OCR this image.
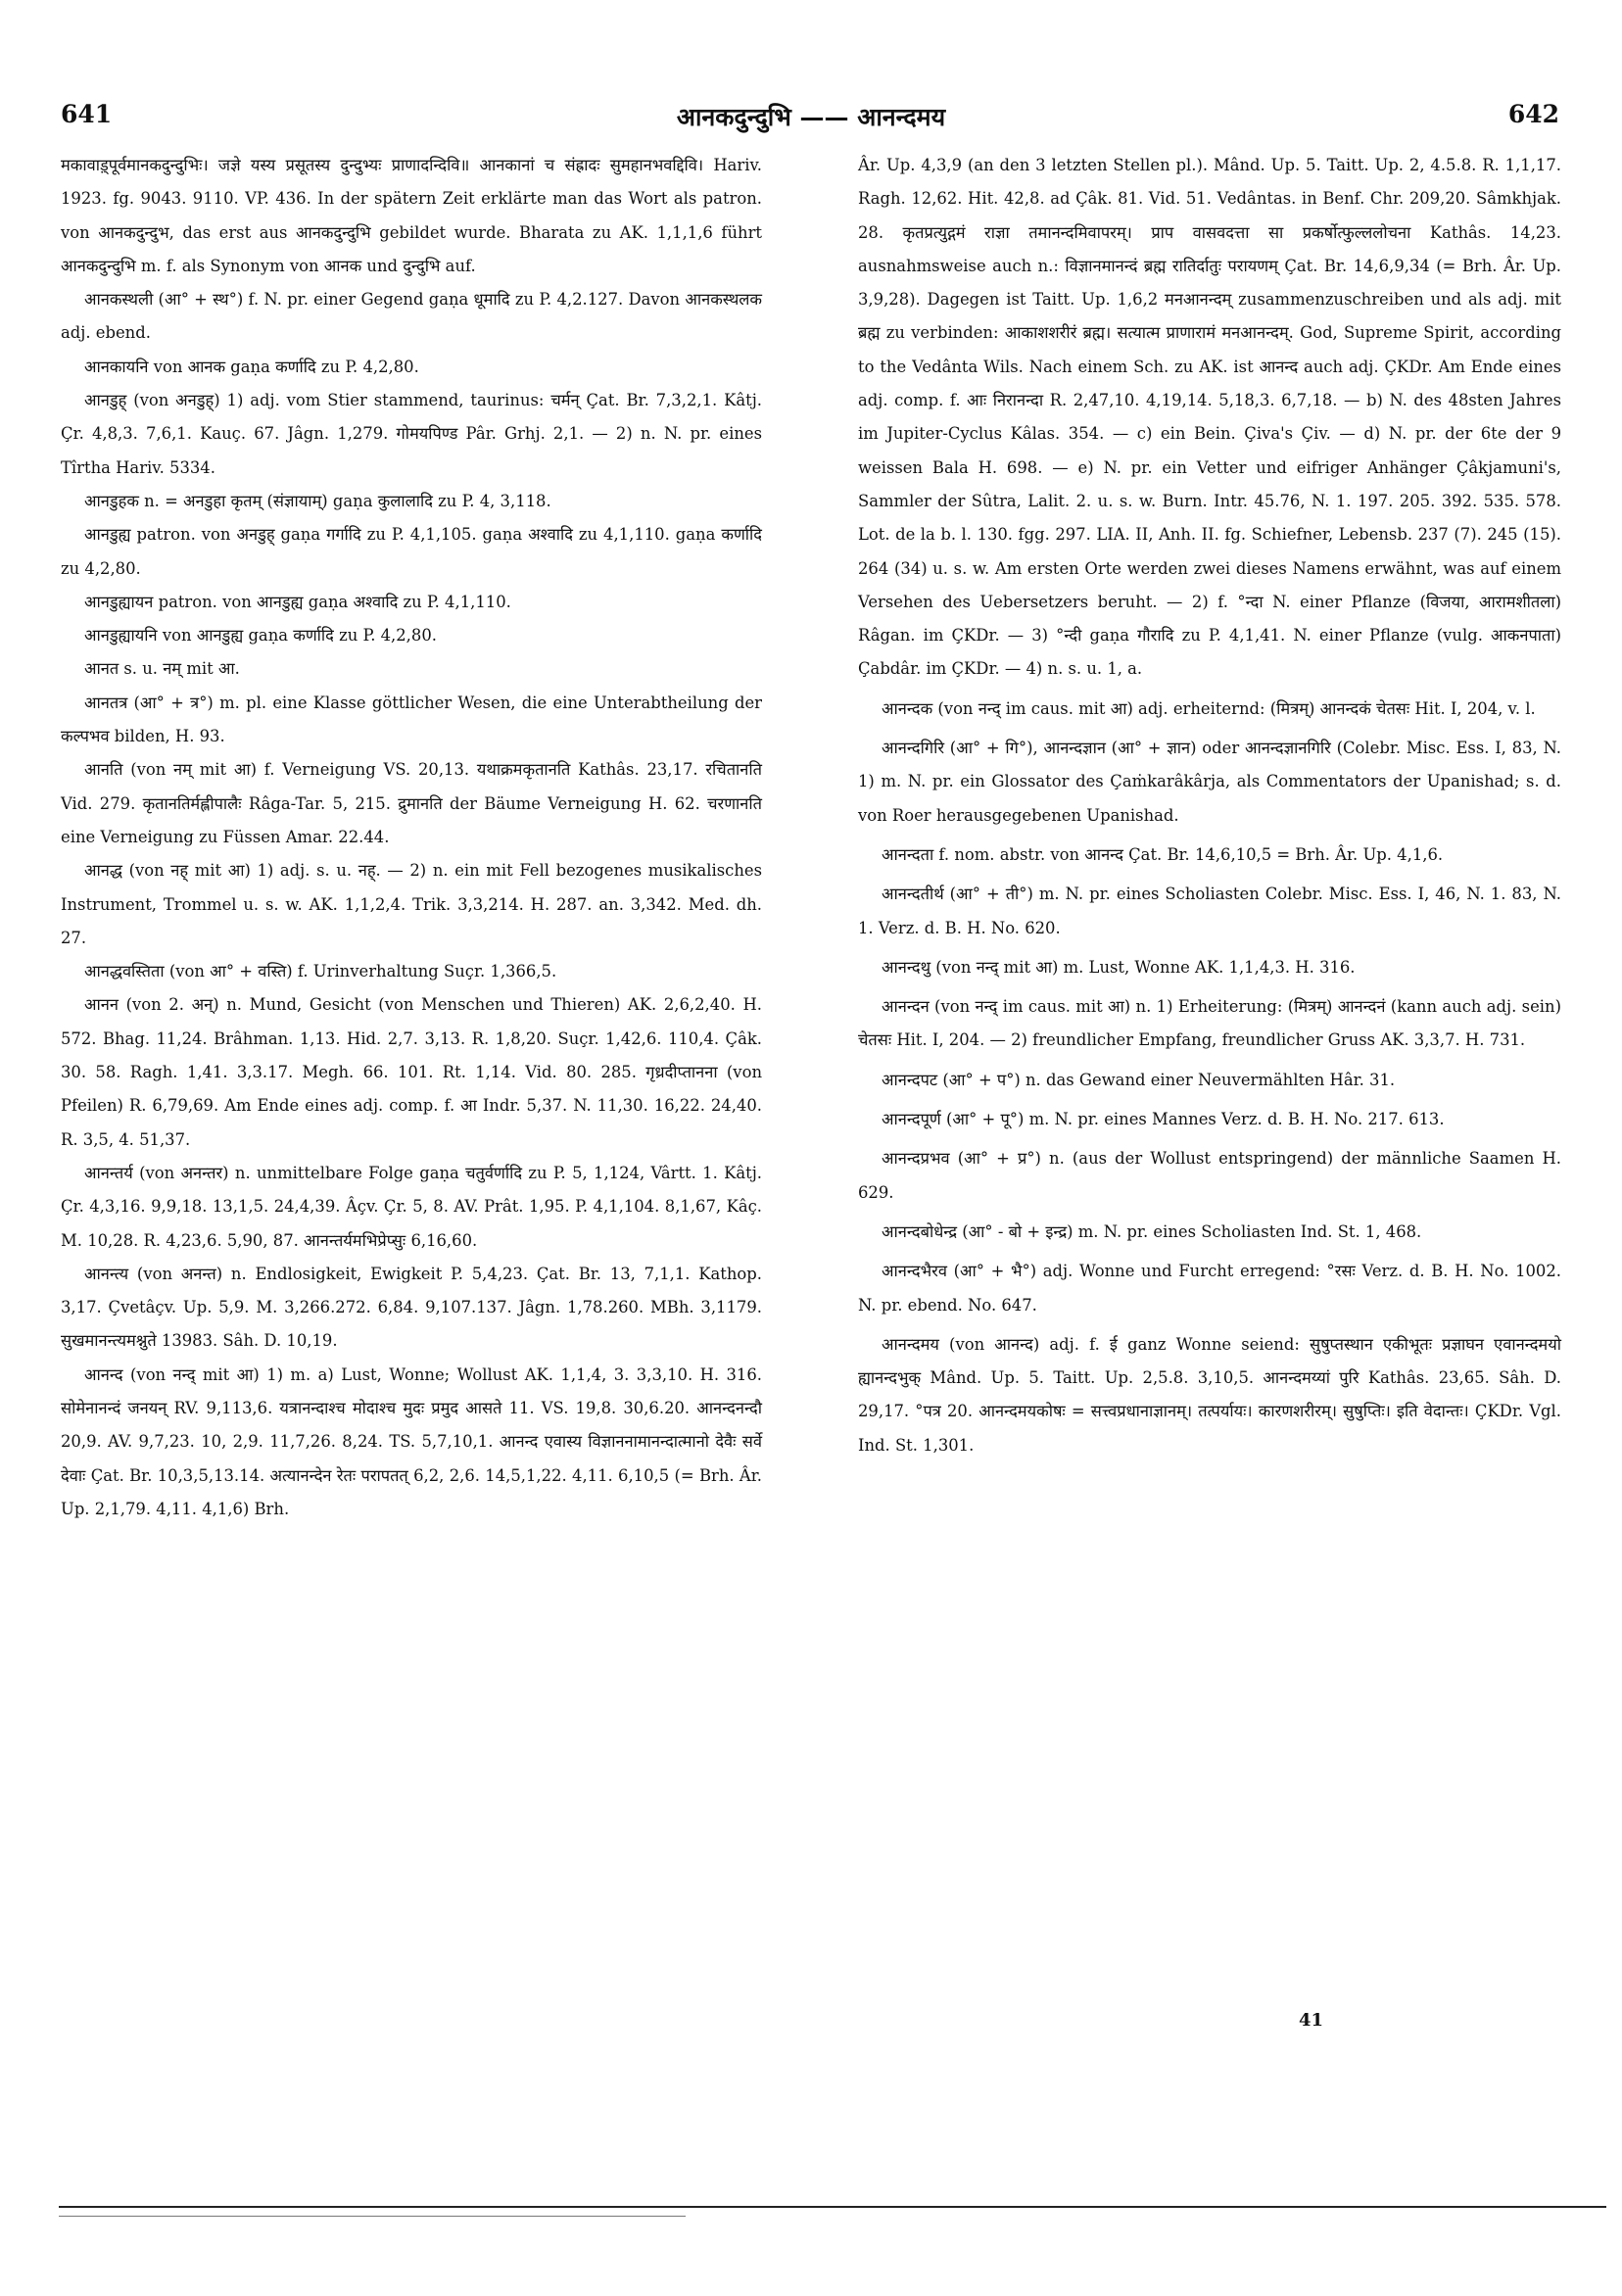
641	आनकदुन्दुभि —— आनन्दमय	642

मकावाड़्पूर्वमानकदुन्दुभिः। जज्ञे यस्य प्रसूतस्य दुन्दुभ्यः प्राणादन्दिवि॥ आनकानां च संह्रादः सुमहानभवद्दिवि। Hariv. 1923. fg. 9043. 9110. VP. 436. In der spätern Zeit erklärte man das Wort als patron. von आनकदुन्दुभ, das erst aus आनकदुन्दुभि gebildet wurde. Bharata zu AK. 1,1,1,6 führt आनकदुन्दुभि m. f. als Synonym von आनक und दुन्दुभि auf.

आनकस्थली (आ° + स्थ°) f. N. pr. einer Gegend gaṇa धूमादि zu P. 4,2.127. Davon आनकस्थलक adj. ebend.

आनकायनि von आनक gaṇa कर्णादि zu P. 4,2,80.

आनडुह् (von अनडुह्) 1) adj. vom Stier stammend, taurinus: चर्मन् Çat. Br. 7,3,2,1. Kâtj. Çr. 4,8,3. 7,6,1. Kauç. 67. Jâgn. 1,279. गोमयपिण्ड Pâr. Grhj. 2,1. — 2) n. N. pr. eines Tîrtha Hariv. 5334.

आनडुहक n. = अनडुहा कृतम् (संज्ञायाम्) gaṇa कुलालादि zu P. 4, 3,118.

आनडुह्य patron. von अनडुह् gaṇa गर्गादि zu P. 4,1,105. gaṇa अश्वादि zu 4,1,110. gaṇa कर्णादि zu 4,2,80.

आनडुह्यायन patron. von आनडुह्य gaṇa अश्वादि zu P. 4,1,110.

आनडुह्यायनि von आनडुह्य gaṇa कर्णादि zu P. 4,2,80.

आनत s. u. नम् mit आ.

आनतत्र (आ° + त्र°) m. pl. eine Klasse göttlicher Wesen, die eine Unterabtheilung der कल्पभव bilden, H. 93.

आनति (von नम् mit आ) f. Verneigung VS. 20,13. यथाक्रमकृतानति Kathâs. 23,17. रचितानति Vid. 279. कृतानतिर्मह्लीपालैः Râga-Tar. 5, 215. द्रुमानति der Bäume Verneigung H. 62. चरणानति eine Verneigung zu Füssen Amar. 22.44.

आनद्ध (von नह् mit आ) 1) adj. s. u. नह्. — 2) n. ein mit Fell bezogenes musikalisches Instrument, Trommel u. s. w. AK. 1,1,2,4. Trik. 3,3,214. H. 287. an. 3,342. Med. dh. 27.

आनद्धवस्तिता (von आ° + वस्ति) f. Urinverhaltung Suçr. 1,366,5.

आनन (von 2. अन्) n. Mund, Gesicht (von Menschen und Thieren) AK. 2,6,2,40. H. 572. Bhag. 11,24. Brâhman. 1,13. Hid. 2,7. 3,13. R. 1,8,20. Suçr. 1,42,6. 110,4. Çâk. 30. 58. Ragh. 1,41. 3,3.17. Megh. 66. 101. Rt. 1,14. Vid. 80. 285. गृध्रदीप्तानना (von Pfeilen) R. 6,79,69. Am Ende eines adj. comp. f. आ Indr. 5,37. N. 11,30. 16,22. 24,40. R. 3,5, 4. 51,37.

आनन्तर्य (von अनन्तर) n. unmittelbare Folge gaṇa चतुर्वर्णादि zu P. 5, 1,124, Vârtt. 1. Kâtj. Çr. 4,3,16. 9,9,18. 13,1,5. 24,4,39. Âçv. Çr. 5, 8. AV. Prât. 1,95. P. 4,1,104. 8,1,67, Kâç. M. 10,28. R. 4,23,6. 5,90, 87. आनन्तर्यमभिप्रेप्सुः 6,16,60.

आनन्त्य (von अनन्त) n. Endlosigkeit, Ewigkeit P. 5,4,23. Çat. Br. 13, 7,1,1. Kathop. 3,17. Çvetâçv. Up. 5,9. M. 3,266.272. 6,84. 9,107.137. Jâgn. 1,78.260. MBh. 3,1179. सुखमानन्त्यमश्नुते 13983. Sâh. D. 10,19.

आनन्द (von नन्द् mit आ) 1) m. a) Lust, Wonne; Wollust AK. 1,1,4, 3. 3,3,10. H. 316. सोमेनानन्दं जनयन् RV. 9,113,6. यत्रानन्दाश्च मोदाश्च मुदः प्रमुद आसते 11. VS. 19,8. 30,6.20. आनन्दनन्दौ 20,9. AV. 9,7,23. 10, 2,9. 11,7,26. 8,24. TS. 5,7,10,1. आनन्द एवास्य विज्ञाननामानन्दात्मानो देवैः सर्वे देवाः Çat. Br. 10,3,5,13.14. अत्यानन्देन रेतः परापतत् 6,2, 2,6. 14,5,1,22. 4,11. 6,10,5 (= Brh. Âr. Up. 2,1,79. 4,11. 4,1,6) Brh.

Âr. Up. 4,3,9 (an den 3 letzten Stellen pl.). Mând. Up. 5. Taitt. Up. 2, 4.5.8. R. 1,1,17. Ragh. 12,62. Hit. 42,8. ad Çâk. 81. Vid. 51. Vedântas. in Benf. Chr. 209,20. Sâmkhjak. 28. कृतप्रत्युद्गमं राज्ञा तमानन्दमिवापरम्। प्राप वासवदत्ता सा प्रकर्षोत्फुल्ललोचना Kathâs. 14,23. ausnahmsweise auch n.: विज्ञानमानन्दं ब्रह्म रातिर्दातुः परायणम् Çat. Br. 14,6,9,34 (= Brh. Âr. Up. 3,9,28). Dagegen ist Taitt. Up. 1,6,2 मनआनन्दम् zusammenzuschreiben und als adj. mit ब्रह्म zu verbinden: आकाशशरीरं ब्रह्म। सत्यात्म प्राणारामं मनआनन्दम्. God, Supreme Spirit, according to the Vedânta Wils. Nach einem Sch. zu AK. ist आनन्द auch adj. ÇKDr. Am Ende eines adj. comp. f. आः निरानन्दा R. 2,47,10. 4,19,14. 5,18,3. 6,7,18. — b) N. des 48sten Jahres im Jupiter-Cyclus Kâlas. 354. — c) ein Bein. Çiva's Çiv. — d) N. pr. der 6te der 9 weissen Bala H. 698. — e) N. pr. ein Vetter und eifriger Anhänger Çâkjamuni's, Sammler der Sûtra, Lalit. 2. u. s. w. Burn. Intr. 45.76, N. 1. 197. 205. 392. 535. 578. Lot. de la b. l. 130. fgg. 297. LIA. II, Anh. II. fg. Schiefner, Lebensb. 237 (7). 245 (15). 264 (34) u. s. w. Am ersten Orte werden zwei dieses Namens erwähnt, was auf einem Versehen des Uebersetzers beruht. — 2) f. °न्दा N. einer Pflanze (विजया, आरामशीतला) Râgan. im ÇKDr. — 3) °न्दी gaṇa गौरादि zu P. 4,1,41. N. einer Pflanze (vulg. आकनपाता) Çabdâr. im ÇKDr. — 4) n. s. u. 1, a.

आनन्दक (von नन्द् im caus. mit आ) adj. erheiternd: (मित्रम्) आनन्दकं चेतसः Hit. I, 204, v. l.

आनन्दगिरि (आ° + गि°), आनन्दज्ञान (आ° + ज्ञान) oder आनन्दज्ञानगिरि (Colebr. Misc. Ess. I, 83, N. 1) m. N. pr. ein Glossator des Çaṁkarâkârja, als Commentators der Upanishad; s. d. von Roer herausgegebenen Upanishad.

आनन्दता f. nom. abstr. von आनन्द Çat. Br. 14,6,10,5 = Brh. Âr. Up. 4,1,6.

आनन्दतीर्थ (आ° + ती°) m. N. pr. eines Scholiasten Colebr. Misc. Ess. I, 46, N. 1. 83, N. 1. Verz. d. B. H. No. 620.

आनन्दथु (von नन्द् mit आ) m. Lust, Wonne AK. 1,1,4,3. H. 316.

आनन्दन (von नन्द् im caus. mit आ) n. 1) Erheiterung: (मित्रम्) आनन्दनं (kann auch adj. sein) चेतसः Hit. I, 204. — 2) freundlicher Empfang, freundlicher Gruss AK. 3,3,7. H. 731.

आनन्दपट (आ° + प°) n. das Gewand einer Neuvermählten Hâr. 31.

आनन्दपूर्ण (आ° + पू°) m. N. pr. eines Mannes Verz. d. B. H. No. 217. 613.

आनन्दप्रभव (आ° + प्र°) n. (aus der Wollust entspringend) der männliche Saamen H. 629.

आनन्दबोधेन्द्र (आ° - बो + इन्द्र) m. N. pr. eines Scholiasten Ind. St. 1, 468.

आनन्दभैरव (आ° + भै°) adj. Wonne und Furcht erregend: °रसः Verz. d. B. H. No. 1002. N. pr. ebend. No. 647.

आनन्दमय (von आनन्द) adj. f. ई ganz Wonne seiend: सुषुप्तस्थान एकीभूतः प्रज्ञाघन एवानन्दमयो ह्यानन्दभुक् Mând. Up. 5. Taitt. Up. 2,5.8. 3,10,5. आनन्दमय्यां पुरि Kathâs. 23,65. Sâh. D. 29,17. °पत्र 20. आनन्दमयकोषः = सत्त्वप्रधानाज्ञानम्। तत्पर्यायः। कारणशरीरम्। सुषुप्तिः। इति वेदान्तः। ÇKDr. Vgl. Ind. St. 1,301.

41
